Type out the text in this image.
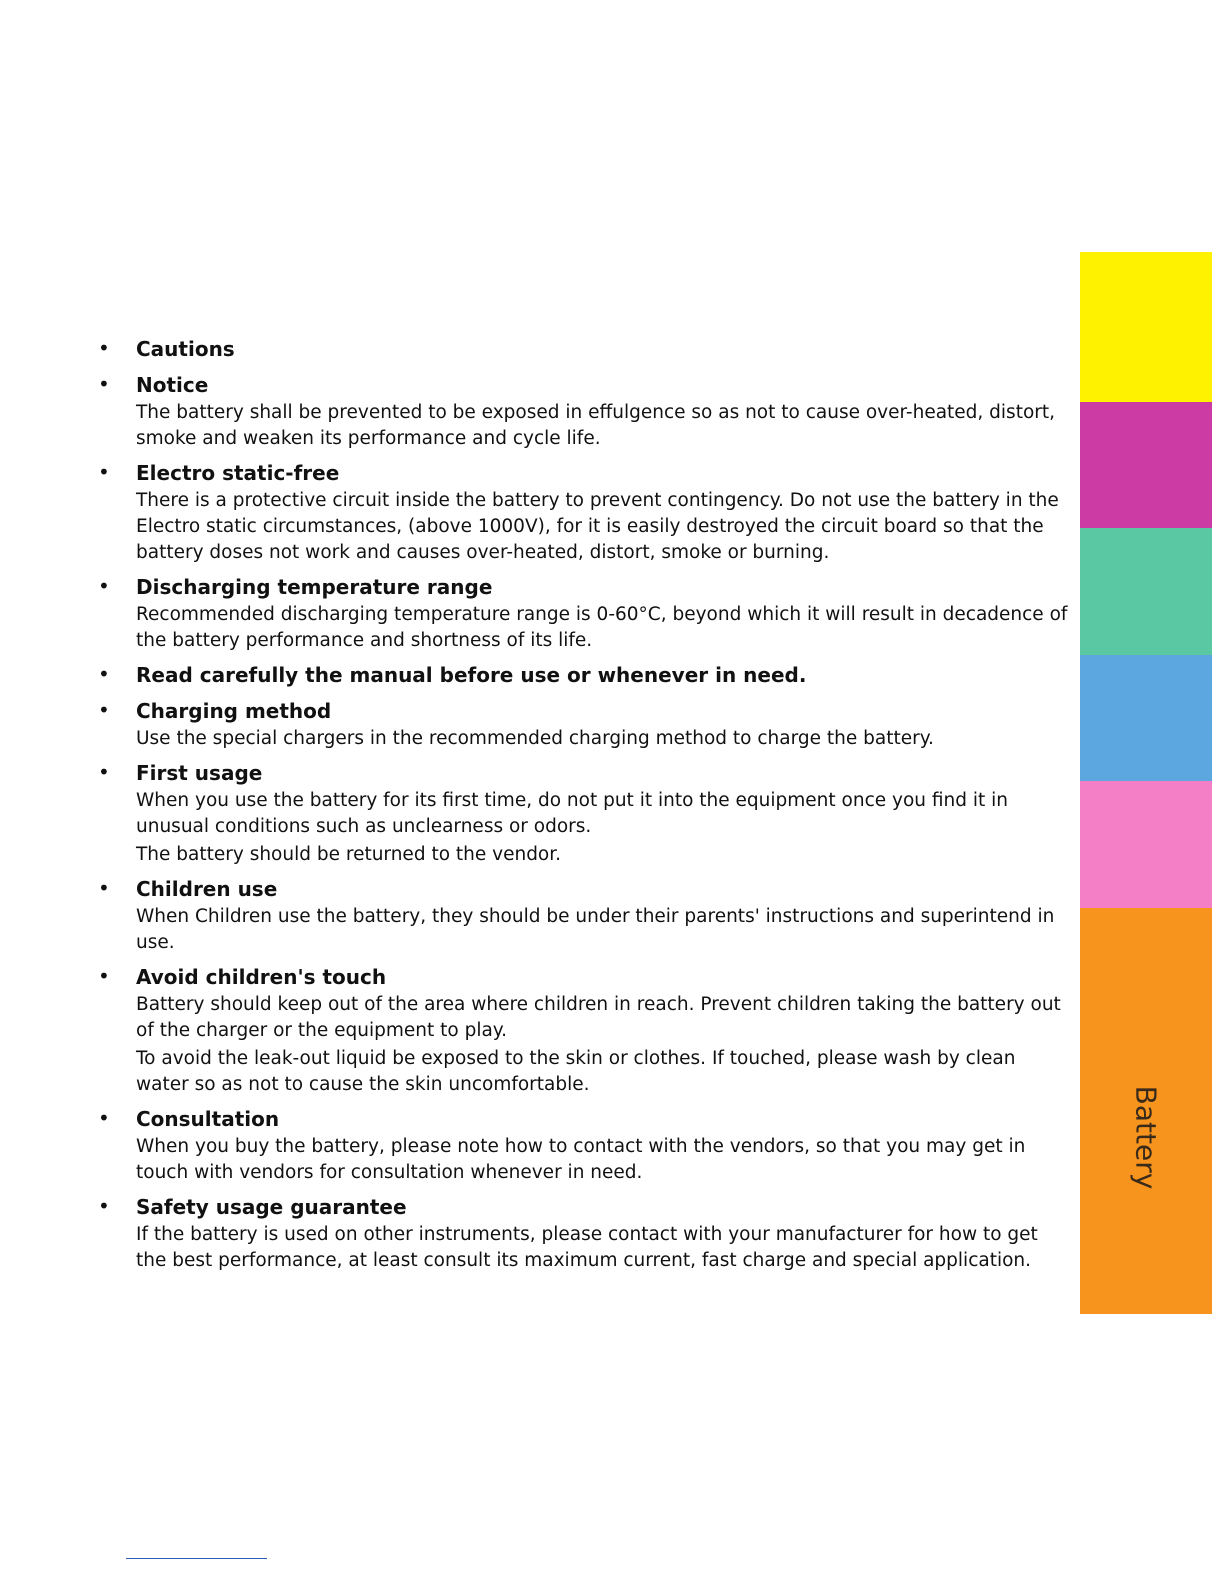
• Cautions
• Notice
The battery shall be prevented to be exposed in effulgence so as not to cause over-heated, distort, smoke and weaken its performance and cycle life.
• Electro static-free
There is a protective circuit inside the battery to prevent contingency. Do not use the battery in the Electro static circumstances, (above 1000V), for it is easily destroyed the circuit board so that the battery doses not work and causes over-heated, distort, smoke or burning.
• Discharging temperature range
Recommended discharging temperature range is 0-60°C, beyond which it will result in decadence of the battery performance and shortness of its life.
• Read carefully the manual before use or whenever in need.
• Charging method
Use the special chargers in the recommended charging method to charge the battery.
• First usage
When you use the battery for its first time, do not put it into the equipment once you find it in unusual conditions such as unclearness or odors.
The battery should be returned to the vendor.
• Children use
When Children use the battery, they should be under their parents' instructions and superintend in use.
• Avoid children's touch
Battery should keep out of the area where children in reach. Prevent children taking the battery out of the charger or the equipment to play.
To avoid the leak-out liquid be exposed to the skin or clothes. If touched, please wash by clean water so as not to cause the skin uncomfortable.
• Consultation
When you buy the battery, please note how to contact with the vendors, so that you may get in touch with vendors for consultation whenever in need.
• Safety usage guarantee
If the battery is used on other instruments, please contact with your manufacturer for how to get the best performance, at least consult its maximum current, fast charge and special application.
Battery
